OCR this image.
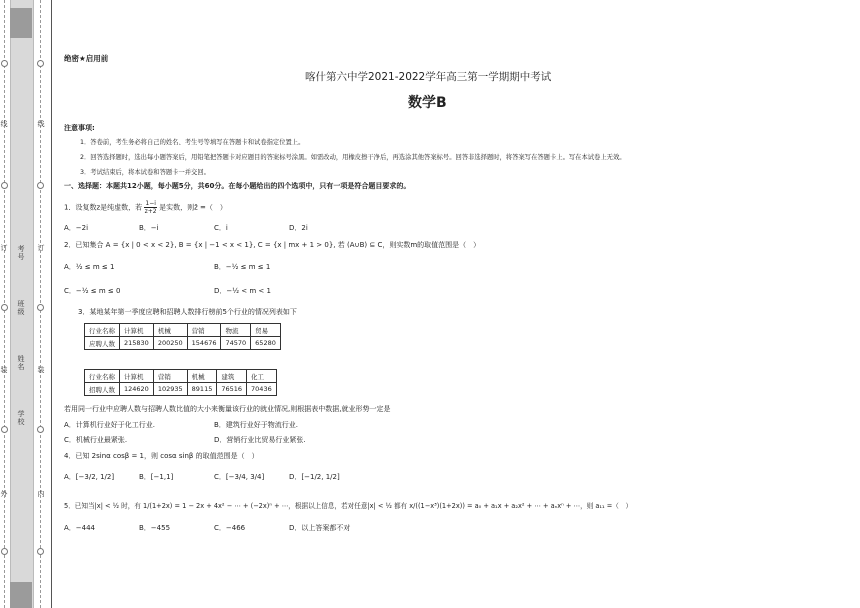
线
订
装
外
线
订
装
内
考号
班级
姓名
学校
绝密★启用前
喀什第六中学2021-2022学年高三第一学期期中考试
数学B
注意事项:
1．答卷前，考生务必将自己的姓名、考生号等填写在答题卡和试卷指定位置上。
2．回答选择题时，选出每小题答案后，用铅笔把答题卡对应题目的答案标号涂黑。如需改动，用橡皮擦干净后，再选涂其他答案标号。回答非选择题时，将答案写在答题卡上。写在本试卷上无效。
3．考试结束后，将本试卷和答题卡一并交回。
一、选择题：本题共12小题，每小题5分，共60分。在每小题给出的四个选项中，只有一项是符合题目要求的。
1．设复数z是纯虚数，若 $\frac{1-i}{z+2}$ 是实数，则z̄ =（　）
A．−2i	B．−i	C．i	D．2i
2．已知集合 A = {x | 0 < x < 2}, B = {x | −1 < x < 1}, C = {x | mx + 1 > 0}, 若 (A∪B) ⊆ C，则实数m的取值范围是（　）
A．½ ≤ m ≤ 1	B．−½ ≤ m ≤ 1
C．−½ ≤ m ≤ 0	D．−½ < m < 1
3．某地某年第一季度应聘和招聘人数排行榜前5个行业的情况列表如下
行业名称	计算机	机械	营销	物流	贸易
应聘人数	215830	200250	154676	74570	65280
行业名称	计算机	营销	机械	建筑	化工
招聘人数	124620	102935	89115	76516	70436
若用同一行业中应聘人数与招聘人数比值的大小来衡量该行业的就业情况,则根据表中数据,就业形势一定是
A．计算机行业好于化工行业.	B．建筑行业好于物流行业.
C．机械行业最紧张.	D．营销行业比贸易行业紧张.
4．已知 2sinα cosβ = 1，则 cosα sinβ 的取值范围是（　）
A．[−3/2, 1/2]	B．[−1,1]	C．[−3/4, 3/4]	D．[−1/2, 1/2]
5．已知当|x| < ½ 时，有 1/(1+2x) = 1 − 2x + 4x² − ⋯ + (−2x)ⁿ + ⋯，根据以上信息，若对任意|x| < ½ 都有 x/((1−x³)(1+2x)) = a₀ + a₁x + a₂x² + ⋯ + aₙxⁿ + ⋯，则 a₁₁ =（　）
A．−444	B．−455	C．−466	D．以上答案都不对
